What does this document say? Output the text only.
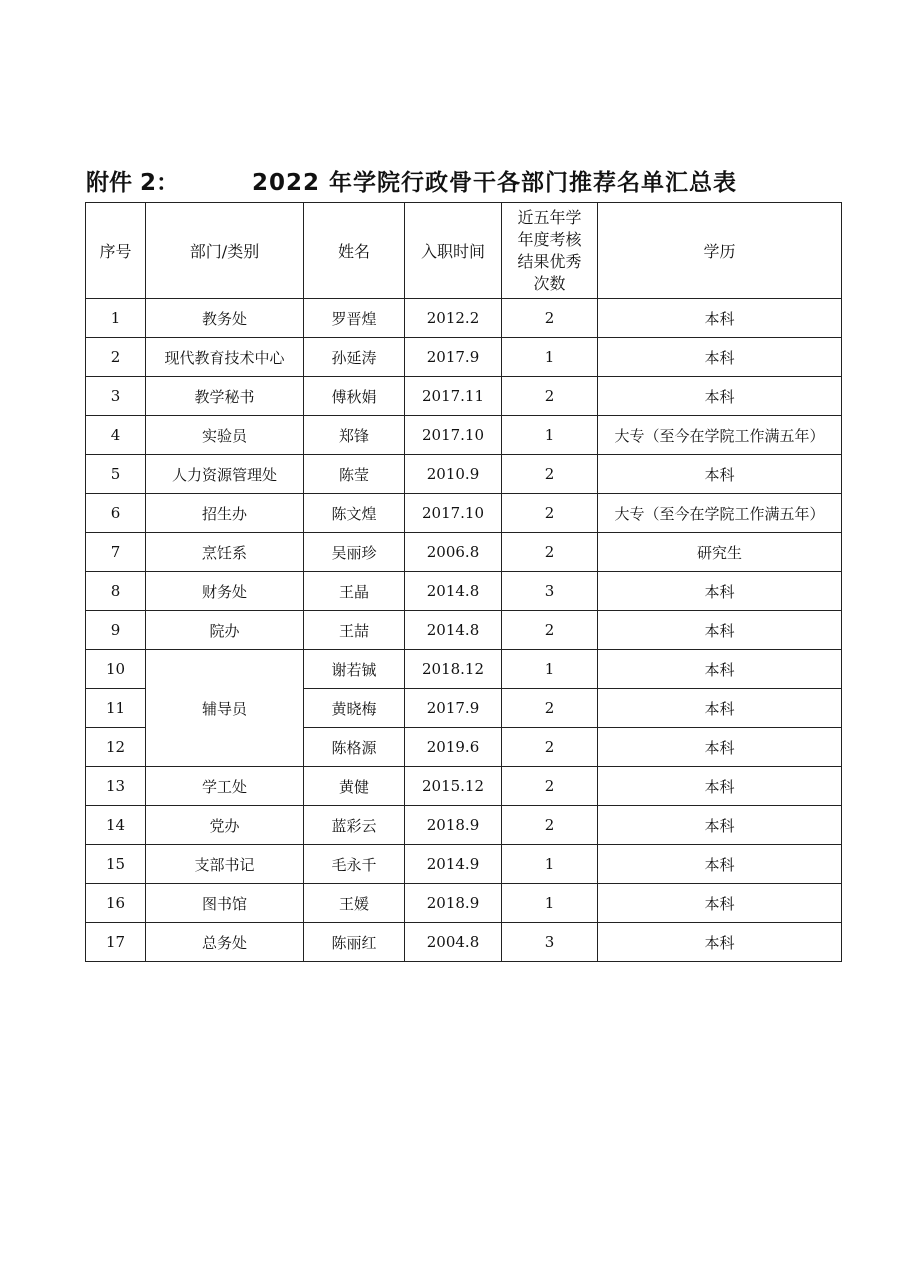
附件 2：	2022 年学院行政骨干各部门推荐名单汇总表
序号	部门/类别	姓名	入职时间	近五年学年度考核结果优秀次数	学历
1	教务处	罗晋煌	2012.2	2	本科
2	现代教育技术中心	孙延涛	2017.9	1	本科
3	教学秘书	傅秋娟	2017.11	2	本科
4	实验员	郑锋	2017.10	1	大专（至今在学院工作满五年）
5	人力资源管理处	陈莹	2010.9	2	本科
6	招生办	陈文煌	2017.10	2	大专（至今在学院工作满五年）
7	烹饪系	吴丽珍	2006.8	2	研究生
8	财务处	王晶	2014.8	3	本科
9	院办	王喆	2014.8	2	本科
10	辅导员	谢若铖	2018.12	1	本科
11		黄晓梅	2017.9	2	本科
12		陈格源	2019.6	2	本科
13	学工处	黄健	2015.12	2	本科
14	党办	蓝彩云	2018.9	2	本科
15	支部书记	毛永千	2014.9	1	本科
16	图书馆	王媛	2018.9	1	本科
17	总务处	陈丽红	2004.8	3	本科
